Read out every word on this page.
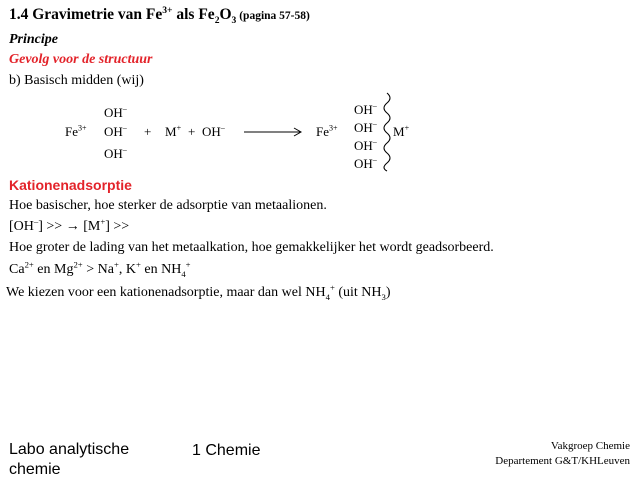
1.4 Gravimetrie van $Fe^{3+}$ als $Fe_2O_3$ (pagina 57-58)
Principe
Gevolg voor de structuur
b) Basisch midden (wij)
OH–
OH–
OH–
$Fe^{3+}$	+ $M^+ + OH^- \to Fe^{3+}$
OH–
OH–
OH–
OH–
M+
Kationenadsorptie
Hoe basischer, hoe sterker de adsorptie van metaalionen.
[OH–] >> → [M+] >>
Hoe groter de lading van het metaalkation, hoe gemakkelijker het wordt geadsorbeerd.
$Ca^{2+}$ en $Mg^{2+} > Na^+$, K+ en $NH_4^+$
We kiezen voor een kationenadsorptie, maar dan wel $NH_4^+$ (uit $NH_3$)
Labo analytische chemie
1 Chemie	Vakgroep Chemie
Departement G&T/KHLeuven
